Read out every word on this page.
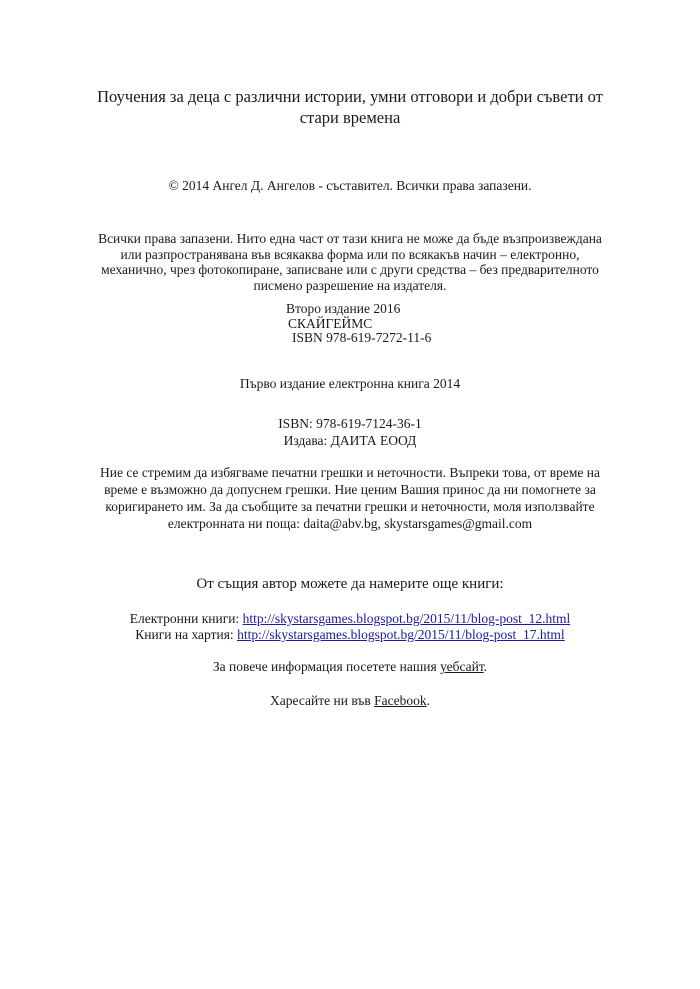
Поучения за деца с различни истории, умни отговори и добри съвети от
стари времена
© 2014 Ангел Д. Ангелов - съставител. Всички права запазени.
Всички права запазени. Нито една част от тази книга не може да бъде възпроизвеждана
или разпространявана във всякаква форма или по всякакъв начин – електронно,
механично, чрез фотокопиране, записване или с други средства – без предварителното
писмено разрешение на издателя.
Второ издание 2016
СКАЙГЕЙМС
ISBN 978-619-7272-11-6
Първо издание електронна книга 2014
ISBN: 978-619-7124-36-1
Издава: ДАИТА ЕООД
Ние се стремим да избягваме печатни грешки и неточности. Въпреки това, от време на
време е възможно да допуснем грешки. Ние ценим Вашия принос да ни помогнете за
коригирането им. За да съобщите за печатни грешки и неточности, моля използвайте
електронната ни поща: daita@abv.bg, skystarsgames@gmail.com
От същия автор можете да намерите още книги:
Електронни книги: http://skystarsgames.blogspot.bg/2015/11/blog-post_12.html
Книги на хартия: http://skystarsgames.blogspot.bg/2015/11/blog-post_17.html
За повече информация посетете нашия уебсайт.
Харесайте ни във Facebook.
